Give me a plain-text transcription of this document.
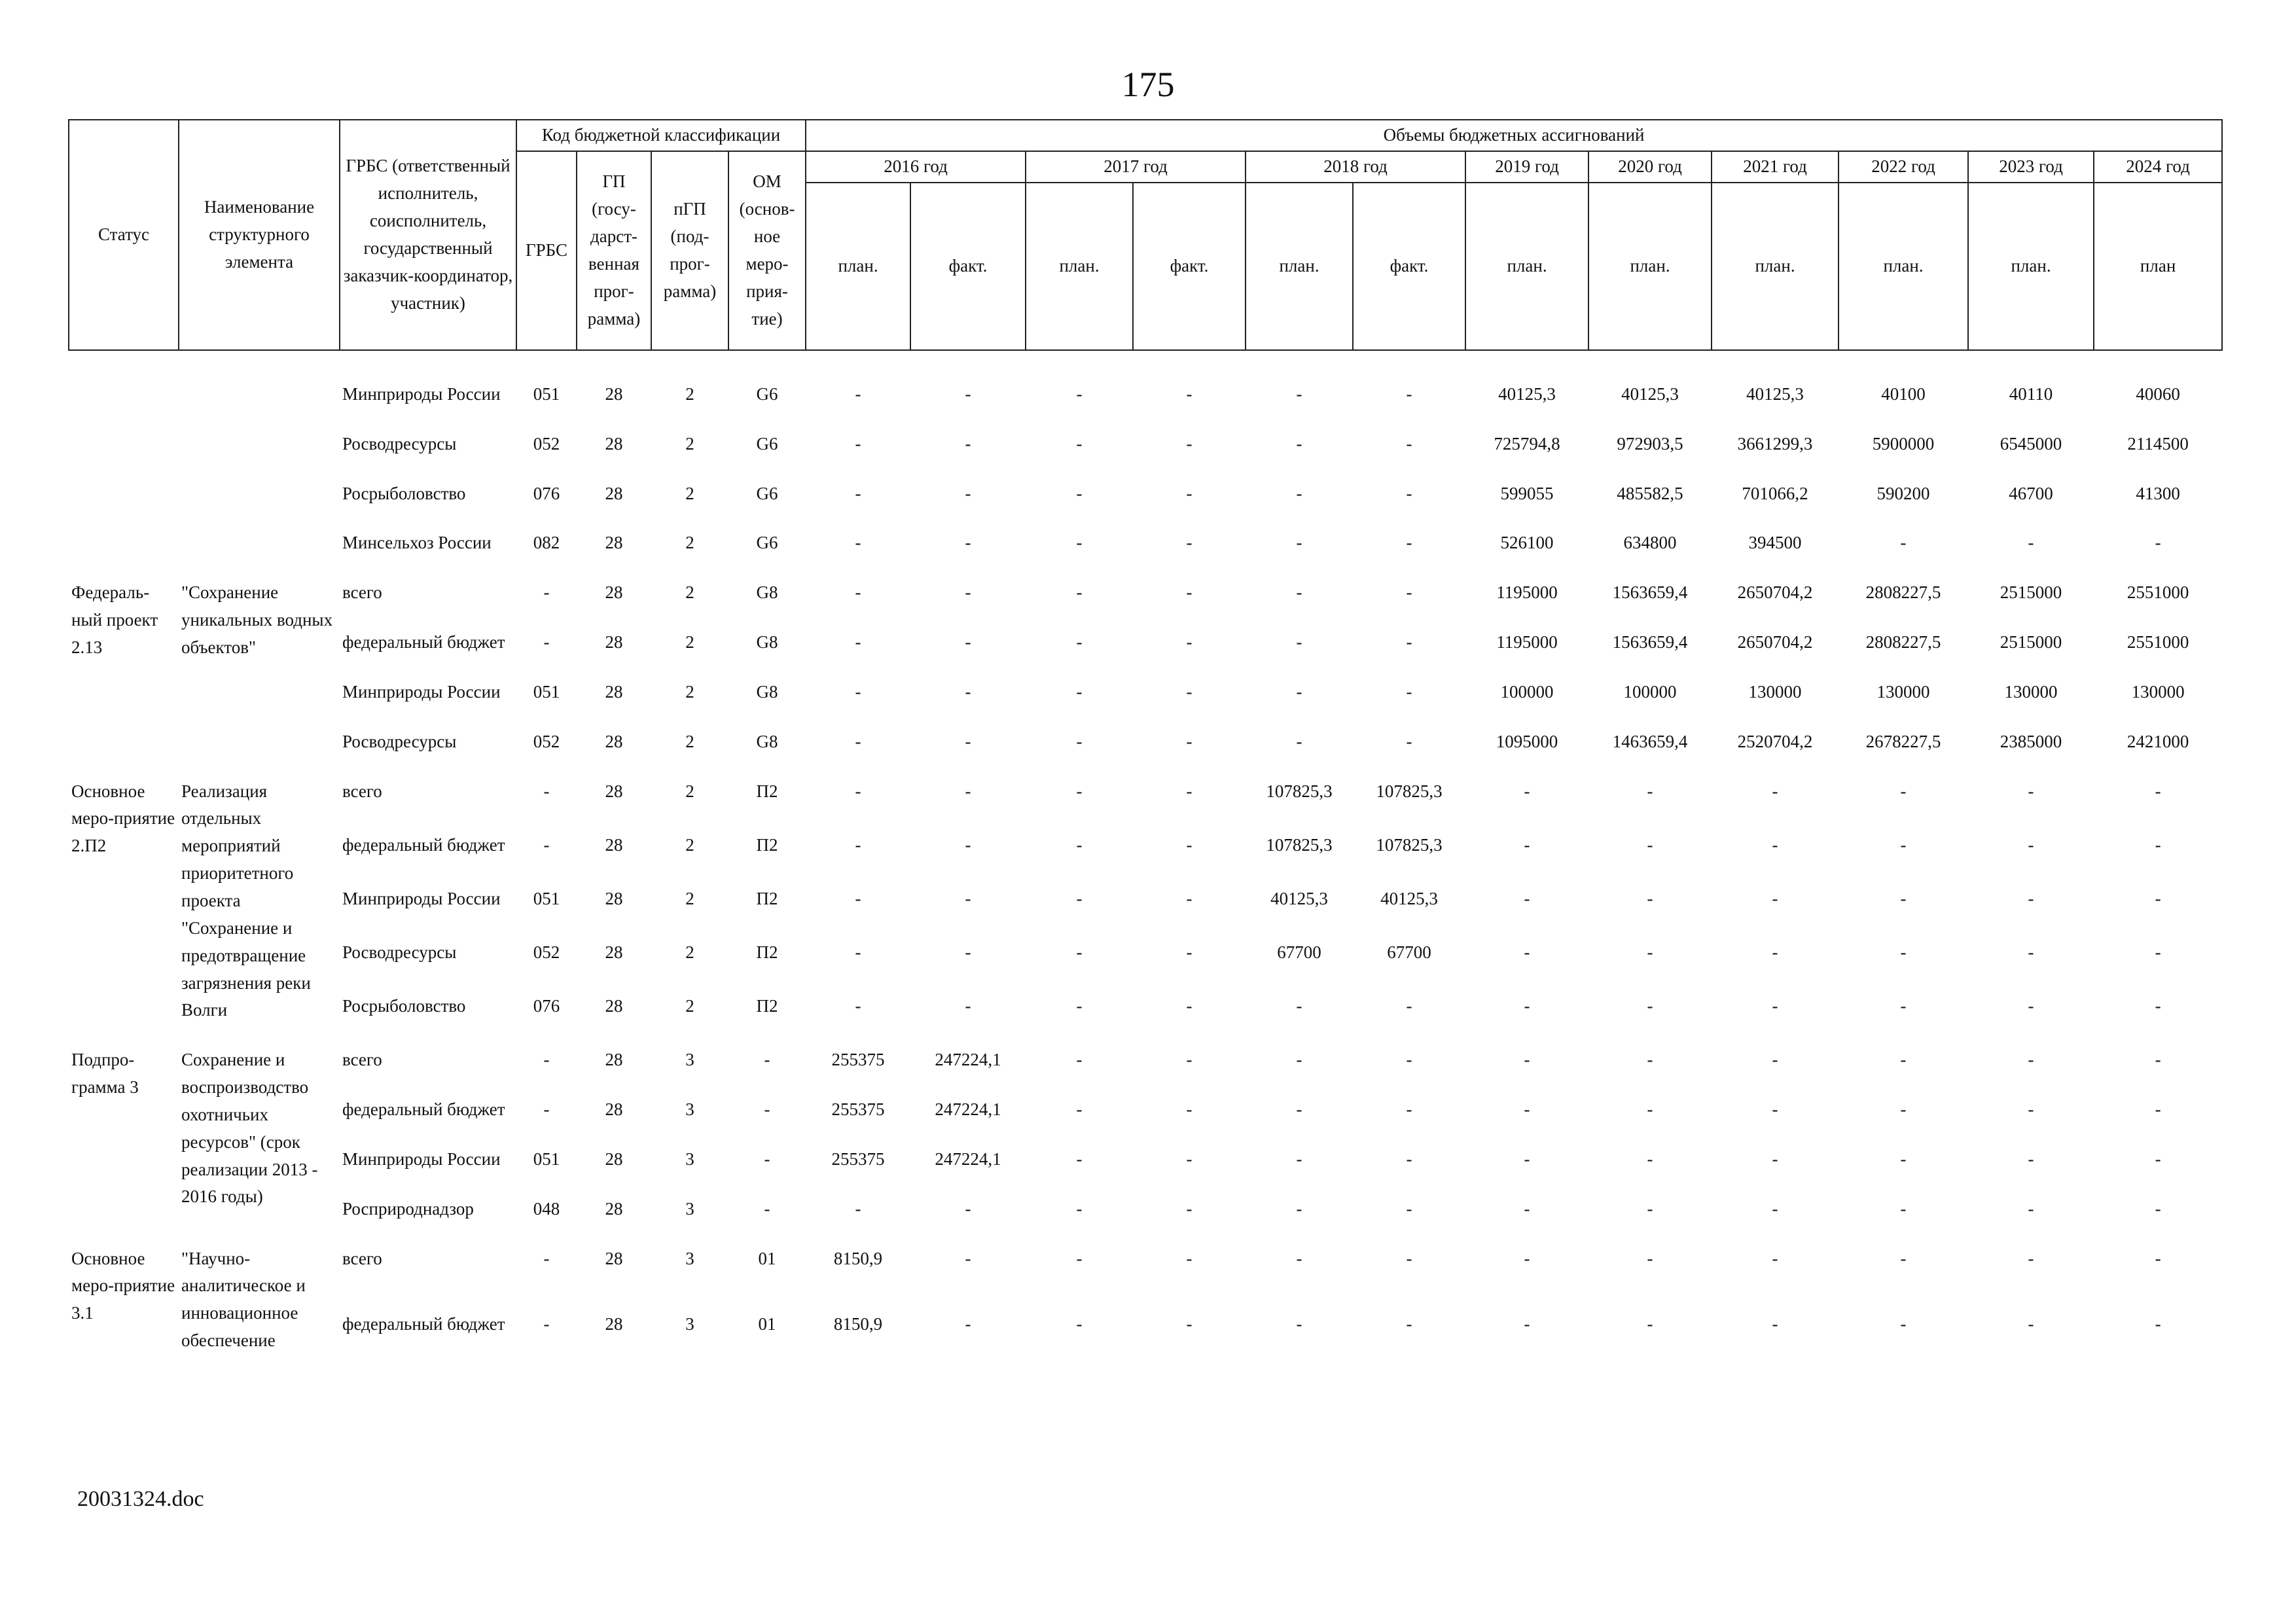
175
Статус	Наименование структурного элемента	ГРБС (ответственный исполнитель, соисполнитель, государственный заказчик-координатор, участник)	Код бюджетной классификации				Объемы бюджетных ассигнований											
			ГРБС	ГП (госу-дарст-венная прог-рамма)	пГП (под-прог-рамма)	ОМ (основ-ное меро-прия-тие)	2016 год		2017 год		2018 год		2019 год	2020 год	2021 год	2022 год	2023 год	2024 год
							план.	факт.	план.	факт.	план.	факт.	план.	план.	план.	план.	план.	план
		Минприроды России	051	28	2	G6	-	-	-	-	-	-	40125,3	40125,3	40125,3	40100	40110	40060
		Росводресурсы	052	28	2	G6	-	-	-	-	-	-	725794,8	972903,5	3661299,3	5900000	6545000	2114500
		Росрыболовство	076	28	2	G6	-	-	-	-	-	-	599055	485582,5	701066,2	590200	46700	41300
		Минсельхоз России	082	28	2	G6	-	-	-	-	-	-	526100	634800	394500	-	-	-
Федераль-ный проект 2.13	"Сохранение уникальных водных объектов"	всего	-	28	2	G8	-	-	-	-	-	-	1195000	1563659,4	2650704,2	2808227,5	2515000	2551000
		федеральный бюджет	-	28	2	G8	-	-	-	-	-	-	1195000	1563659,4	2650704,2	2808227,5	2515000	2551000
		Минприроды России	051	28	2	G8	-	-	-	-	-	-	100000	100000	130000	130000	130000	130000
		Росводресурсы	052	28	2	G8	-	-	-	-	-	-	1095000	1463659,4	2520704,2	2678227,5	2385000	2421000
Основное меро-приятие 2.П2	Реализация отдельных мероприятий приоритетного проекта "Сохранение и предотвращение загрязнения реки Волги	всего	-	28	2	П2	-	-	-	-	107825,3	107825,3	-	-	-	-	-	-
		федеральный бюджет	-	28	2	П2	-	-	-	-	107825,3	107825,3	-	-	-	-	-	-
		Минприроды России	051	28	2	П2	-	-	-	-	40125,3	40125,3	-	-	-	-	-	-
		Росводресурсы	052	28	2	П2	-	-	-	-	67700	67700	-	-	-	-	-	-
		Росрыболовство	076	28	2	П2	-	-	-	-	-	-	-	-	-	-	-	-
Подпро-грамма 3	Сохранение и воспроизводство охотничьих ресурсов" (срок реализации 2013 - 2016 годы)	всего	-	28	3	-	255375	247224,1	-	-	-	-	-	-	-	-	-	-
		федеральный бюджет	-	28	3	-	255375	247224,1	-	-	-	-	-	-	-	-	-	-
		Минприроды России	051	28	3	-	255375	247224,1	-	-	-	-	-	-	-	-	-	-
		Росприроднадзор	048	28	3	-	-	-	-	-	-	-	-	-	-	-	-	-
Основное меро-приятие 3.1	"Научно-аналитическое и инновационное обеспечение	всего	-	28	3	01	8150,9	-	-	-	-	-	-	-	-	-	-	-
		федеральный бюджет	-	28	3	01	8150,9	-	-	-	-	-	-	-	-	-	-	-
20031324.doc
